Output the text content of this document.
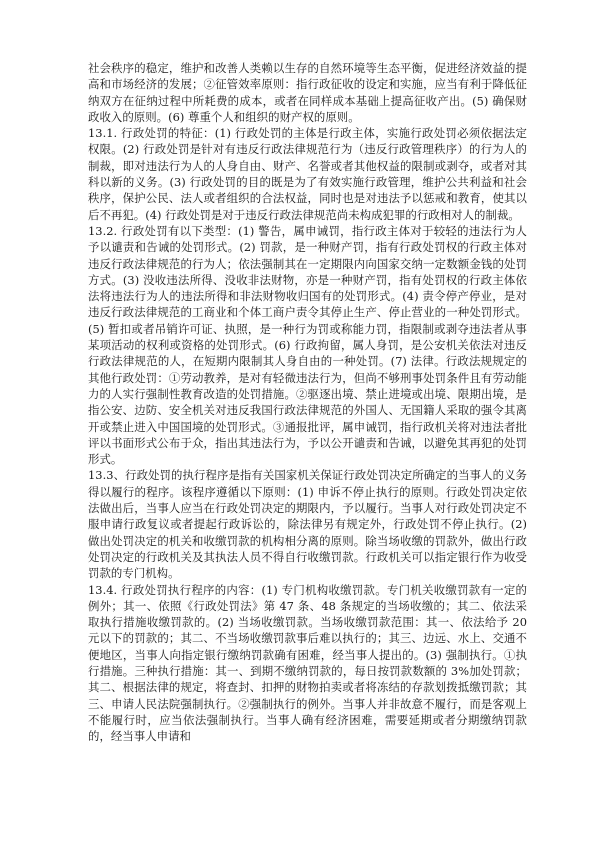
社会秩序的稳定，维护和改善人类赖以生存的自然环境等生态平衡，促进经济效益的提高和市场经济的发展；②征管效率原则：指行政征收的设定和实施，应当有利于降低征纳双方在征纳过程中所耗费的成本，或者在同样成本基础上提高征收产出。(5) 确保财政收入的原则。(6) 尊重个人和组织的财产权的原则。

13.1. 行政处罚的特征：(1) 行政处罚的主体是行政主体，实施行政处罚必须依据法定权限。(2) 行政处罚是针对有违反行政法律规范行为（违反行政管理秩序）的行为人的制裁，即对违法行为人的人身自由、财产、名誉或者其他权益的限制或剥夺，或者对其科以新的义务。(3) 行政处罚的目的既是为了有效实施行政管理，维护公共利益和社会秩序，保护公民、法人或者组织的合法权益，同时也是对违法予以惩戒和教育，使其以后不再犯。(4) 行政处罚是对于违反行政法律规范尚未构成犯罪的行政相对人的制裁。

13.2. 行政处罚有以下类型：(1) 警告，属申诫罚，指行政主体对于较轻的违法行为人予以谴责和告诫的处罚形式。(2) 罚款，是一种财产罚，指有行政处罚权的行政主体对违反行政法律规范的行为人；依法强制其在一定期限内向国家交纳一定数额金钱的处罚方式。(3) 没收违法所得、没收非法财物，亦是一种财产罚，指有处罚权的行政主体依法将违法行为人的违法所得和非法财物收归国有的处罚形式。(4) 责令停产停业，是对违反行政法律规范的工商业和个体工商户责令其停止生产、停止营业的一种处罚形式。(5) 暂扣或者吊销许可证、执照，是一种行为罚或称能力罚，指限制或剥夺违法者从事某项活动的权利或资格的处罚形式。(6) 行政拘留，属人身罚，是公安机关依法对违反行政法律规范的人，在短期内限制其人身自由的一种处罚。(7) 法律。行政法规规定的其他行政处罚：①劳动教养，是对有轻微违法行为，但尚不够刑事处罚条件且有劳动能力的人实行强制性教育改造的处罚措施。②驱逐出境、禁止进境或出境、限期出境，是指公安、边防、安全机关对违反我国行政法律规范的外国人、无国籍人采取的强令其离开或禁止进入中国国境的处罚形式。③通报批评，属申诫罚，指行政机关将对违法者批评以书面形式公布于众，指出其违法行为，予以公开谴责和告诫，以避免其再犯的处罚形式。

13.3、行政处罚的执行程序是指有关国家机关保证行政处罚决定所确定的当事人的义务得以履行的程序。该程序遵循以下原则：(1) 申诉不停止执行的原则。行政处罚决定依法做出后，当事人应当在行政处罚决定的期限内，予以履行。当事人对行政处罚决定不服申请行政复议或者提起行政诉讼的，除法律另有规定外，行政处罚不停止执行。(2)做出处罚决定的机关和收缴罚款的机构相分离的原则。除当场收缴的罚款外，做出行政处罚决定的行政机关及其执法人员不得自行收缴罚款。行政机关可以指定银行作为收受罚款的专门机构。

13.4. 行政处罚执行程序的内容：(1) 专门机构收缴罚款。专门机关收缴罚款有一定的例外；其一、依照《行政处罚法》第 47 条、48 条规定的当场收缴的；其二、依法采取执行措施收缴罚款的。(2) 当场收缴罚款。当场收缴罚款范围：其一、依法给予 20 元以下的罚款的；其二、不当场收缴罚款事后难以执行的；其三、边远、水上、交通不便地区，当事人向指定银行缴纳罚款确有困难，经当事人提出的。(3) 强制执行。①执行措施。三种执行措施：其一、到期不缴纳罚款的，每日按罚款数额的 3%加处罚款；其二、根据法律的规定，将查封、扣押的财物拍卖或者将冻结的存款划拨抵缴罚款；其三、申请人民法院强制执行。②强制执行的例外。当事人并非故意不履行，而是客观上不能履行时，应当依法强制执行。当事人确有经济困难，需要延期或者分期缴纳罚款的，经当事人申请和
